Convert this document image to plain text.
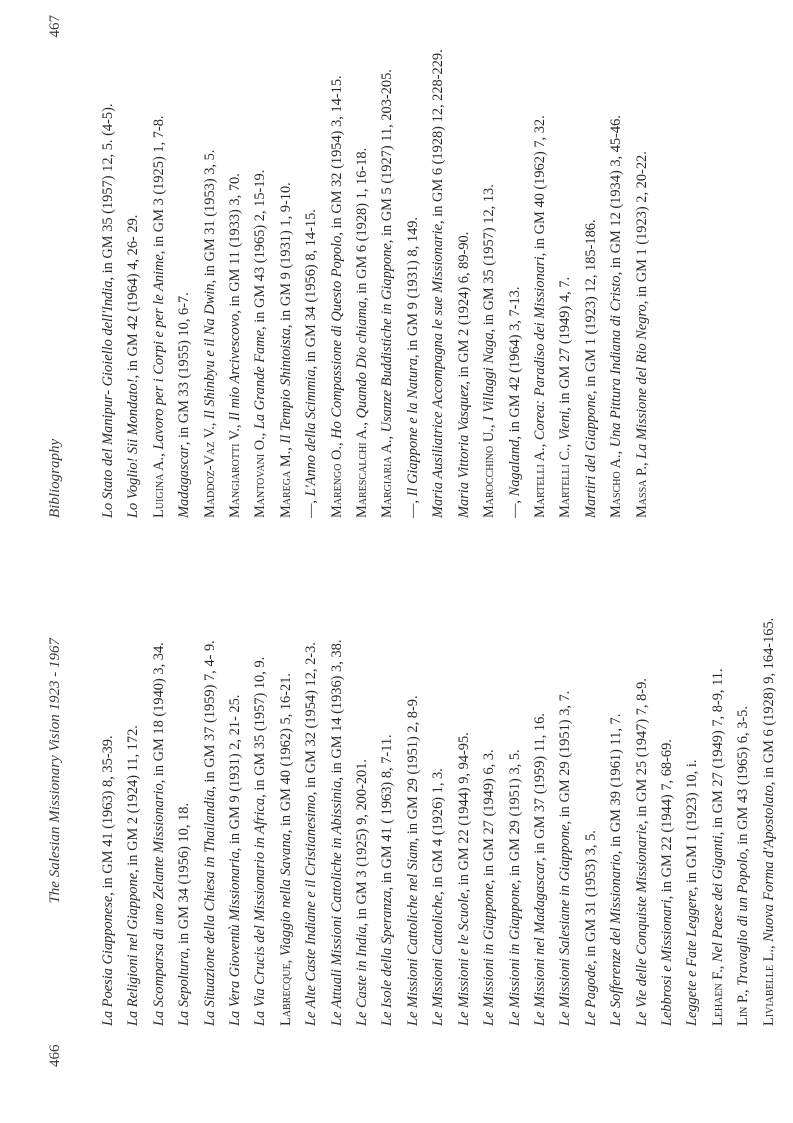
466
The Salesian Missionary Vision 1923 - 1967

La Poesia Giapponese, in GM 41 (1963) 8, 35-39.

La Religioni nel Giappone, in GM 2 (1924) 11, 172. La Scomparsa di uno Zelante Missionario, in GM 18 (1940) 3, 34.

La Sepoltura, in GM 34 (1956) 10, 18. La Situazione della Chiesa in Thailandia, in GM 37 (1959) 7, 4- 9.

La Vera Gioventù Missionaria, in GM 9 (1931) 2, 21- 25.

La Via Crucis del Missionario in Africa, in GM 35 (1957) 10, 9.

Labrecque, Viaggio nella Savana, in GM 40 (1962) 5, 16-21.

Le Alte Caste Indiane e il Cristianesimo, in GM 32 (1954) 12, 2-3.

Le Attuali Missioni Cattoliche in Abissinia, in GM 14 (1936) 3, 38.

Le Caste in India, in GM 3 (1925) 9, 200-201.

Le Isole della Speranza, in GM 41 ( 1963) 8, 7-11.

Le Missioni Cattoliche nel Siam, in GM 29 (1951) 2, 8-9.

Le Missioni Cattoliche, in GM 4 (1926) 1, 3.

Le Missioni e le Scuole, in GM 22 (1944) 9, 94-95.

Le Missioni in Giappone, in GM 27 (1949) 6, 3.

Le Missioni in Giappone, in GM 29 (1951) 3, 5.

Le Missioni nel Madagascar, in GM 37 (1959) 11, 16.

Le Missioni Salesiane in Giappone, in GM 29 (1951) 3, 7.

Le Pagode, in GM 31 (1953) 3, 5. Le Sofferenze del Missionario, in GM 39 (1961) 11, 7.

Le Vie delle Conquiste Missionarie, in GM 25 (1947) 7, 8-9.

Lebbrosi e Missionari, in GM 22 (1944) 7, 68-69.

Leggete e Fate Leggere, in GM 1 (1923) 10, i.

Lehaen F., Nel Paese dei Giganti, in GM 27 (1949) 7, 8-9, 11.

Lin P., Travaglio di un Popolo, in GM 43 (1965) 6, 3-5.

Liviabelle L., Nuova Forma d'Apostolato, in GM 6 (1928) 9, 164-165.

Bibliography
467

Lo Stato del Manipur- Gioiello dell'India, in GM 35 (1957) 12, 5. (4-5).

Lo Voglio! Sii Mondato!, in GM 42 (1964) 4, 26- 29.

Luigina A., Lavoro per i Corpi e per le Anime, in GM 3 (1925) 1, 7-8.

Madagascar, in GM 33 (1955) 10, 6-7.

Maddoz-Vaz V., Il Shinbyu e il Na Dwin, in GM 31 (1953) 3, 5.

Mangiarotti V., Il mio Arcivescovo, in GM 11 (1933) 3, 70.

Mantovani O., La Grande Fame, in GM 43 (1965) 2, 15-19.

Marega M., Il Tempio Shintoista, in GM 9 (1931) 1, 9-10.

—, L'Anno della Scimmia, in GM 34 (1956) 8, 14-15.

Marengo O., Ho Compassione di Questo Popolo, in GM 32 (1954) 3, 14-15.

Marescalchi A., Quando Dio chiama, in GM 6 (1928) 1, 16-18.

Margiaria A., Usanze Buddistiche in Giappone, in GM 5 (1927) 11, 203-205.

—, Il Giappone e la Natura, in GM 9 (1931) 8, 149. Maria Ausiliatrice Accompagna le sue Missionarie, in GM 6 (1928) 12, 228-229.

Maria Vittoria Vasquez, in GM 2 (1924) 6, 89-90.

Marocchino U., I Villaggi Naga, in GM 35 (1957) 12, 13.

—, Nagaland, in GM 42 (1964) 3, 7-13.

Martelli A., Corea: Paradiso dei Missionari, in GM 40 (1962) 7, 32.

Martelli C., Vieni, in GM 27 (1949) 4, 7.

Martiri del Giappone, in GM 1 (1923) 12, 185-186.

Mascho A., Una Pittura Indiana di Cristo, in GM 12 (1934) 3, 45-46.

Massa P., La Missione del Rio Negro, in GM 1 (1923) 2, 20-22.
